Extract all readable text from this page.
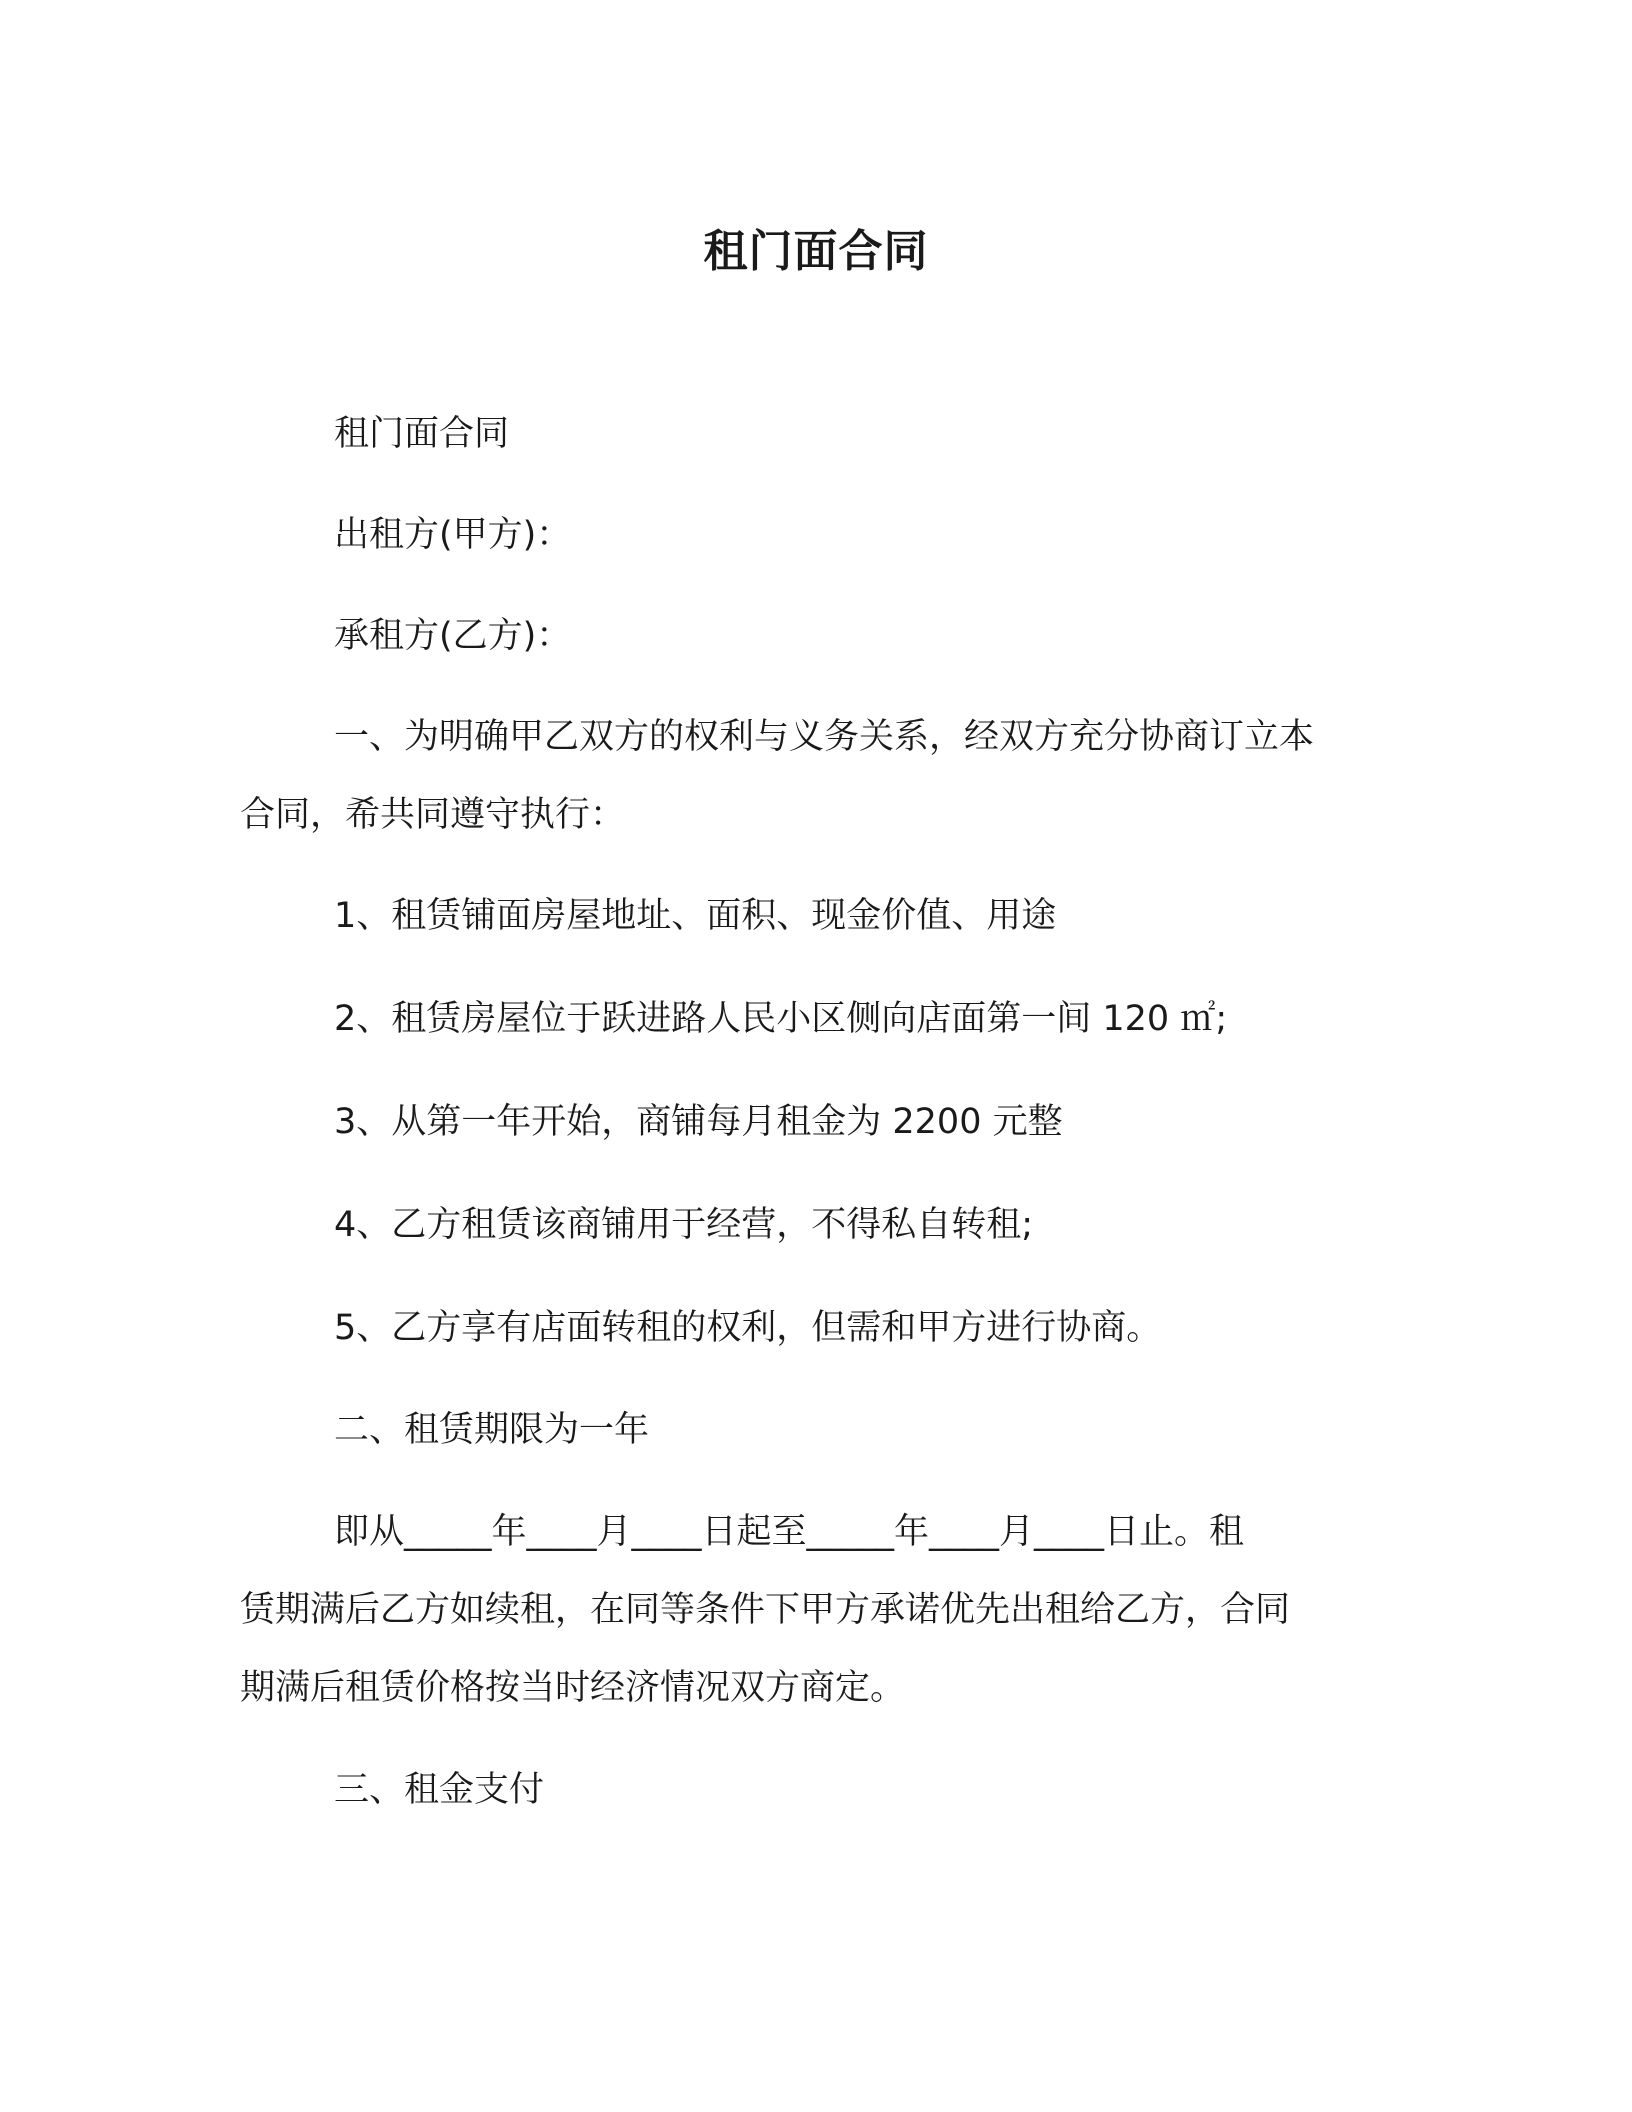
租门面合同

租门面合同

出租方(甲方)：

承租方(乙方)：

一、为明确甲乙双方的权利与义务关系，经双方充分协商订立本
合同，希共同遵守执行：

1、租赁铺面房屋地址、面积、现金价值、用途

2、租赁房屋位于跃进路人民小区侧向店面第一间 120 ㎡;

3、从第一年开始，商铺每月租金为 2200 元整

4、乙方租赁该商铺用于经营，不得私自转租;

5、乙方享有店面转租的权利，但需和甲方进行协商。

二、租赁期限为一年

即从_____年____月____日起至_____年____月____日止。租
赁期满后乙方如续租，在同等条件下甲方承诺优先出租给乙方，合同
期满后租赁价格按当时经济情况双方商定。

三、租金支付
